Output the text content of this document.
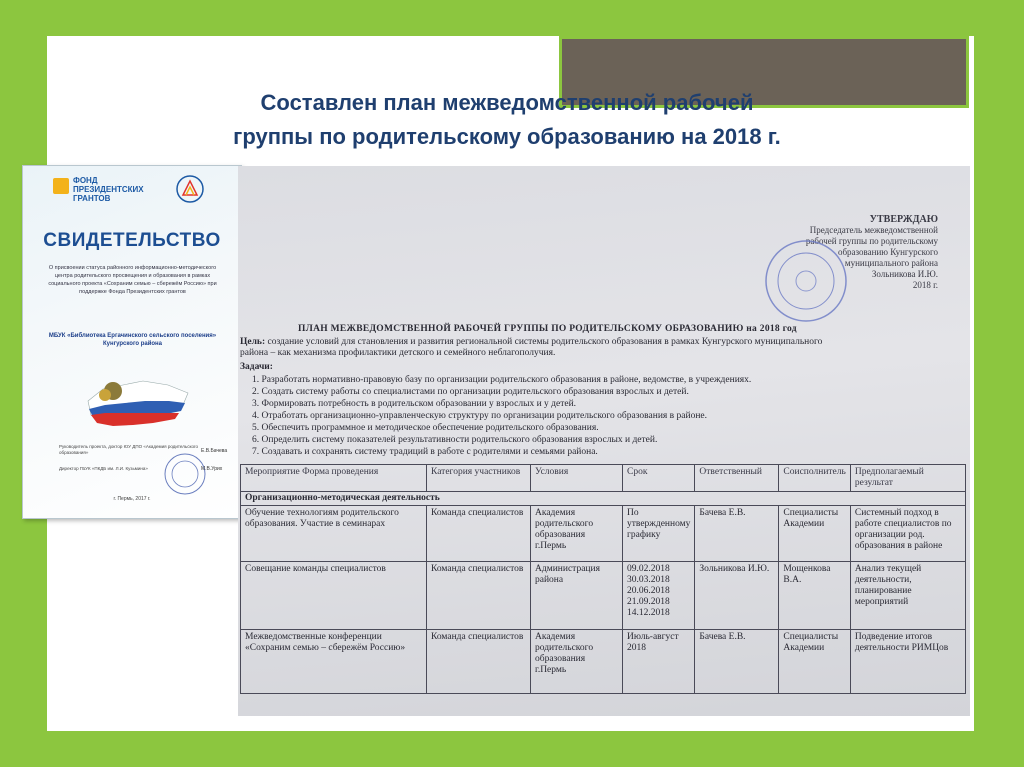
Составлен план межведомственной рабочей
группы по родительскому образованию на 2018 г.
ФОНД
ПРЕЗИДЕНТСКИХ
ГРАНТОВ
СВИДЕТЕЛЬСТВО
О присвоении статуса районного информационно-методического центра родительского просвещения и образования в рамках социального проекта «Сохраним семью – сбережём Россию» при поддержке Фонда Президентских грантов
МБУК «Библиотека Ергачинского сельского поселения» Кунгурского района
Руководитель проекта, доктор ЮУ ДПО «Академия родительского образования»	Е.В.Бачева
Директор ГБУК «ПКДБ им. Л.И. Кузьмина»	М.В.Урих
г. Пермь, 2017 г.
УТВЕРЖДАЮ
Председатель межведомственной
рабочей группы по родительскому
образованию Кунгурского
муниципального района
Зольникова И.Ю.
2018 г.
ПЛАН МЕЖВЕДОМСТВЕННОЙ РАБОЧЕЙ ГРУППЫ ПО РОДИТЕЛЬСКОМУ ОБРАЗОВАНИЮ на 2018 год
Цель: создание условий для становления и развития региональной системы родительского образования в рамках Кунгурского муниципального района – как механизма профилактики детского и семейного неблагополучия.
Задачи:
1. Разработать нормативно-правовую базу по организации родительского образования в районе, ведомстве, в учреждениях.
2. Создать систему работы со специалистами по организации родительского образования взрослых и детей.
3. Формировать потребность в родительском образовании у взрослых и у детей.
4. Отработать организационно-управленческую структуру по организации родительского образования в районе.
5. Обеспечить программное и методическое обеспечение родительского образования.
6. Определить систему показателей результативности родительского образования взрослых и детей.
7. Создавать и сохранять систему традиций в работе с родителями и семьями района.
Мероприятие Форма проведения	Категория участников	Условия	Срок	Ответственный	Соисполнитель	Предполагаемый результат
Организационно-методическая деятельность						
Обучение технологиям родительского образования. Участие в семинарах	Команда специалистов	Академия родительского образования г.Пермь	По утвержденному графику	Бачева Е.В.	Специалисты Академии	Системный подход в работе специалистов по организации род. образования в районе
Совещание команды специалистов	Команда специалистов	Администрация района	09.02.2018 30.03.2018 20.06.2018 21.09.2018 14.12.2018	Зольникова И.Ю.	Мощенкова В.А.	Анализ текущей деятельности, планирование мероприятий
Межведомственные конференции «Сохраним семью – сбережём Россию»	Команда специалистов	Академия родительского образования г.Пермь	Июль-август 2018	Бачева Е.В.	Специалисты Академии	Подведение итогов деятельности РИМЦов
